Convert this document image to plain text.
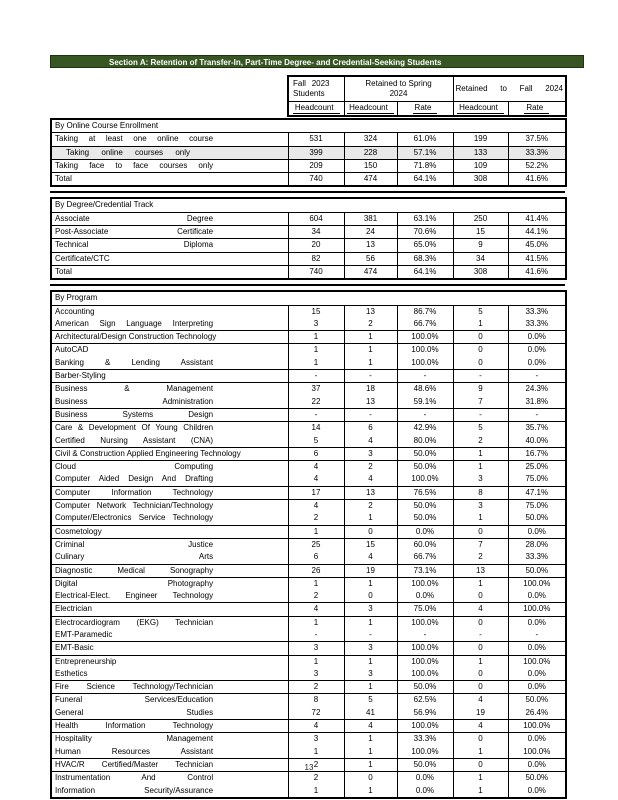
Section A: Retention of Transfer-In, Part-Time Degree- and Credential-Seeking Students
Fall 2023
Students

Retained to Spring
2024
	Retained to Fall 2024
Headcount	Headcount	Rate	Headcount	Rate
By Online Course Enrollment					
Taking at least one online course	531	324	61.0%	199	37.5%
Taking online courses only	399	228	57.1%	133	33.3%
Taking face to face courses only	209	150	71.8%	109	52.2%
Total	740	474	64.1%	308	41.6%
By Degree/Credential Track					
Associate Degree	604	381	63.1%	250	41.4%
Post-Associate Certificate	34	24	70.6%	15	44.1%
Technical Diploma	20	13	65.0%	9	45.0%
Certificate/CTC	82	56	68.3%	34	41.5%
Total	740	474	64.1%	308	41.6%
By Program					
Accounting	15	13	86.7%	5	33.3%
American Sign Language Interpreting	3	2	66.7%	1	33.3%
Architectural/Design Construction Technology	1	1	100.0%	0	0.0%
AutoCAD	1	1	100.0%	0	0.0%
Banking & Lending Assistant	1	1	100.0%	0	0.0%
Barber-Styling	-	-	-	-	-
Business & Management	37	18	48.6%	9	24.3%
Business Administration	22	13	59.1%	7	31.8%
Business Systems Design	-	-	-	-	-
Care & Development Of Young Children	14	6	42.9%	5	35.7%
Certified Nursing Assistant (CNA)	5	4	80.0%	2	40.0%
Civil & Construction Applied Engineering Technology	6	3	50.0%	1	16.7%
Cloud Computing	4	2	50.0%	1	25.0%
Computer Aided Design And Drafting	4	4	100.0%	3	75.0%
Computer Information Technology	17	13	76.5%	8	47.1%
Computer Network Technician/Technology	4	2	50.0%	3	75.0%
Computer/Electronics Service Technology	2	1	50.0%	1	50.0%
Cosmetology	1	0	0.0%	0	0.0%
Criminal Justice	25	15	60.0%	7	28.0%
Culinary Arts	6	4	66.7%	2	33.3%
Diagnostic Medical Sonography	26	19	73.1%	13	50.0%
Digital Photography	1	1	100.0%	1	100.0%
Electrical-Elect. Engineer Technology	2	0	0.0%	0	0.0%
Electrician	4	3	75.0%	4	100.0%
Electrocardiogram (EKG) Technician	1	1	100.0%	0	0.0%
EMT-Paramedic	-	-	-	-	-
EMT-Basic	3	3	100.0%	0	0.0%
Entrepreneurship	1	1	100.0%	1	100.0%
Esthetics	3	3	100.0%	0	0.0%
Fire Science Technology/Technician	2	1	50.0%	0	0.0%
Funeral Services/Education	8	5	62.5%	4	50.0%
General Studies	72	41	56.9%	19	26.4%
Health Information Technology	4	4	100.0%	4	100.0%
Hospitality Management	3	1	33.3%	0	0.0%
Human Resources Assistant	1	1	100.0%	1	100.0%
HVAC/R Certified/Master Technician	2	1	50.0%	0	0.0%
Instrumentation And Control	2	0	0.0%	1	50.0%
Information Security/Assurance	1	1	0.0%	1	0.0%
13
